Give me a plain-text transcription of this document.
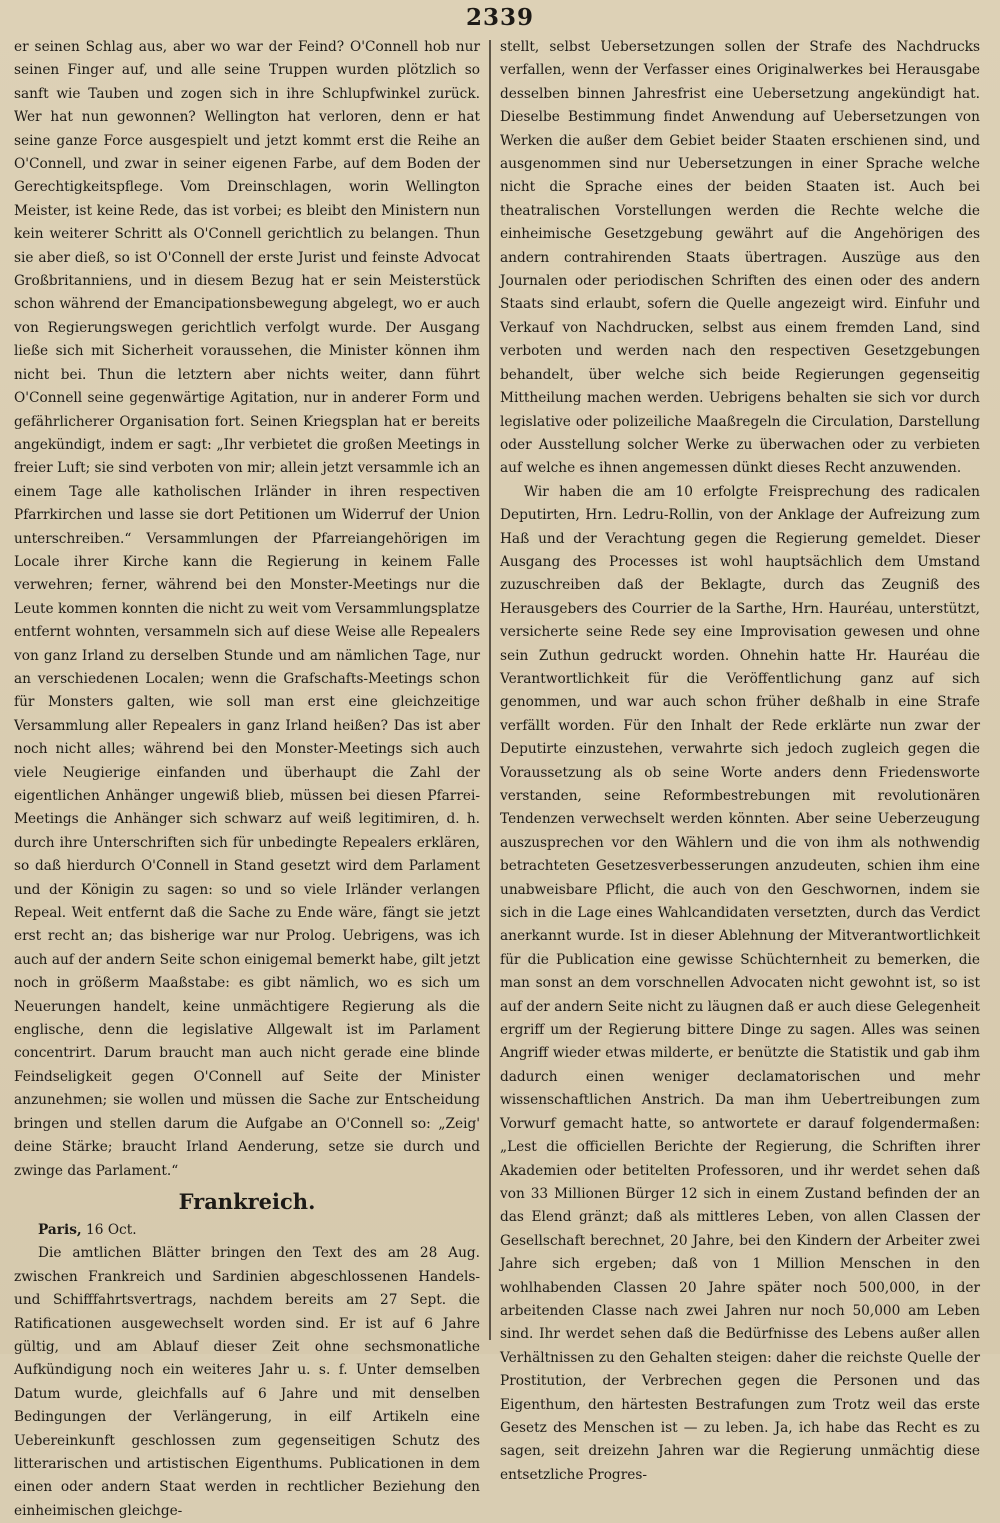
2339

er seinen Schlag aus, aber wo war der Feind? O'Connell hob nur seinen Finger auf, und alle seine Truppen wurden plötzlich so sanft wie Tauben und zogen sich in ihre Schlupfwinkel zurück. Wer hat nun gewonnen? Wellington hat verloren, denn er hat seine ganze Force ausgespielt und jetzt kommt erst die Reihe an O'Connell, und zwar in seiner eigenen Farbe, auf dem Boden der Gerechtigkeitspflege. Vom Dreinschlagen, worin Wellington Meister, ist keine Rede, das ist vorbei; es bleibt den Ministern nun kein weiterer Schritt als O'Connell gerichtlich zu belangen. Thun sie aber dieß, so ist O'Connell der erste Jurist und feinste Advocat Großbritanniens, und in diesem Bezug hat er sein Meisterstück schon während der Emancipationsbewegung abgelegt, wo er auch von Regierungswegen gerichtlich verfolgt wurde. Der Ausgang ließe sich mit Sicherheit voraussehen, die Minister können ihm nicht bei. Thun die letztern aber nichts weiter, dann führt O'Connell seine gegenwärtige Agitation, nur in anderer Form und gefährlicherer Organisation fort. Seinen Kriegsplan hat er bereits angekündigt, indem er sagt: „Ihr verbietet die großen Meetings in freier Luft; sie sind verboten von mir; allein jetzt versammle ich an einem Tage alle katholischen Irländer in ihren respectiven Pfarrkirchen und lasse sie dort Petitionen um Widerruf der Union unterschreiben.“ Versammlungen der Pfarreiangehörigen im Locale ihrer Kirche kann die Regierung in keinem Falle verwehren; ferner, während bei den Monster-Meetings nur die Leute kommen konnten die nicht zu weit vom Versammlungsplatze entfernt wohnten, versammeln sich auf diese Weise alle Repealers von ganz Irland zu derselben Stunde und am nämlichen Tage, nur an verschiedenen Localen; wenn die Grafschafts-Meetings schon für Monsters galten, wie soll man erst eine gleichzeitige Versammlung aller Repealers in ganz Irland heißen? Das ist aber noch nicht alles; während bei den Monster-Meetings sich auch viele Neugierige einfanden und überhaupt die Zahl der eigentlichen Anhänger ungewiß blieb, müssen bei diesen Pfarrei-Meetings die Anhänger sich schwarz auf weiß legitimiren, d. h. durch ihre Unterschriften sich für unbedingte Repealers erklären, so daß hierdurch O'Connell in Stand gesetzt wird dem Parlament und der Königin zu sagen: so und so viele Irländer verlangen Repeal. Weit entfernt daß die Sache zu Ende wäre, fängt sie jetzt erst recht an; das bisherige war nur Prolog. Uebrigens, was ich auch auf der andern Seite schon einigemal bemerkt habe, gilt jetzt noch in größerm Maaßstabe: es gibt nämlich, wo es sich um Neuerungen handelt, keine unmächtigere Regierung als die englische, denn die legislative Allgewalt ist im Parlament concentrirt. Darum braucht man auch nicht gerade eine blinde Feindseligkeit gegen O'Connell auf Seite der Minister anzunehmen; sie wollen und müssen die Sache zur Entscheidung bringen und stellen darum die Aufgabe an O'Connell so: „Zeig' deine Stärke; braucht Irland Aenderung, setze sie durch und zwinge das Parlament.“

Frankreich.

Paris, 16 Oct.

Die amtlichen Blätter bringen den Text des am 28 Aug. zwischen Frankreich und Sardinien abgeschlossenen Handels- und Schifffahrtsvertrags, nachdem bereits am 27 Sept. die Ratificationen ausgewechselt worden sind. Er ist auf 6 Jahre gültig, und am Ablauf dieser Zeit ohne sechsmonatliche Aufkündigung noch ein weiteres Jahr u. s. f. Unter demselben Datum wurde, gleichfalls auf 6 Jahre und mit denselben Bedingungen der Verlängerung, in eilf Artikeln eine Uebereinkunft geschlossen zum gegenseitigen Schutz des litterarischen und artistischen Eigenthums. Publicationen in dem einen oder andern Staat werden in rechtlicher Beziehung den einheimischen gleichge-

stellt, selbst Uebersetzungen sollen der Strafe des Nachdrucks verfallen, wenn der Verfasser eines Originalwerkes bei Herausgabe desselben binnen Jahresfrist eine Uebersetzung angekündigt hat. Dieselbe Bestimmung findet Anwendung auf Uebersetzungen von Werken die außer dem Gebiet beider Staaten erschienen sind, und ausgenommen sind nur Uebersetzungen in einer Sprache welche nicht die Sprache eines der beiden Staaten ist. Auch bei theatralischen Vorstellungen werden die Rechte welche die einheimische Gesetzgebung gewährt auf die Angehörigen des andern contrahirenden Staats übertragen. Auszüge aus den Journalen oder periodischen Schriften des einen oder des andern Staats sind erlaubt, sofern die Quelle angezeigt wird. Einfuhr und Verkauf von Nachdrucken, selbst aus einem fremden Land, sind verboten und werden nach den respectiven Gesetzgebungen behandelt, über welche sich beide Regierungen gegenseitig Mittheilung machen werden. Uebrigens behalten sie sich vor durch legislative oder polizeiliche Maaßregeln die Circulation, Darstellung oder Ausstellung solcher Werke zu überwachen oder zu verbieten auf welche es ihnen angemessen dünkt dieses Recht anzuwenden.

Wir haben die am 10 erfolgte Freisprechung des radicalen Deputirten, Hrn. Ledru-Rollin, von der Anklage der Aufreizung zum Haß und der Verachtung gegen die Regierung gemeldet. Dieser Ausgang des Processes ist wohl hauptsächlich dem Umstand zuzuschreiben daß der Beklagte, durch das Zeugniß des Herausgebers des Courrier de la Sarthe, Hrn. Hauréau, unterstützt, versicherte seine Rede sey eine Improvisation gewesen und ohne sein Zuthun gedruckt worden. Ohnehin hatte Hr. Hauréau die Verantwortlichkeit für die Veröffentlichung ganz auf sich genommen, und war auch schon früher deßhalb in eine Strafe verfällt worden. Für den Inhalt der Rede erklärte nun zwar der Deputirte einzustehen, verwahrte sich jedoch zugleich gegen die Voraussetzung als ob seine Worte anders denn Friedensworte verstanden, seine Reformbestrebungen mit revolutionären Tendenzen verwechselt werden könnten. Aber seine Ueberzeugung auszusprechen vor den Wählern und die von ihm als nothwendig betrachteten Gesetzesverbesserungen anzudeuten, schien ihm eine unabweisbare Pflicht, die auch von den Geschwornen, indem sie sich in die Lage eines Wahlcandidaten versetzten, durch das Verdict anerkannt wurde. Ist in dieser Ablehnung der Mitverantwortlichkeit für die Publication eine gewisse Schüchternheit zu bemerken, die man sonst an dem vorschnellen Advocaten nicht gewohnt ist, so ist auf der andern Seite nicht zu läugnen daß er auch diese Gelegenheit ergriff um der Regierung bittere Dinge zu sagen. Alles was seinen Angriff wieder etwas milderte, er benützte die Statistik und gab ihm dadurch einen weniger declamatorischen und mehr wissenschaftlichen Anstrich. Da man ihm Uebertreibungen zum Vorwurf gemacht hatte, so antwortete er darauf folgendermaßen: „Lest die officiellen Berichte der Regierung, die Schriften ihrer Akademien oder betitelten Professoren, und ihr werdet sehen daß von 33 Millionen Bürger 12 sich in einem Zustand befinden der an das Elend gränzt; daß als mittleres Leben, von allen Classen der Gesellschaft berechnet, 20 Jahre, bei den Kindern der Arbeiter zwei Jahre sich ergeben; daß von 1 Million Menschen in den wohlhabenden Classen 20 Jahre später noch 500,000, in der arbeitenden Classe nach zwei Jahren nur noch 50,000 am Leben sind. Ihr werdet sehen daß die Bedürfnisse des Lebens außer allen Verhältnissen zu den Gehalten steigen: daher die reichste Quelle der Prostitution, der Verbrechen gegen die Personen und das Eigenthum, den härtesten Bestrafungen zum Trotz weil das erste Gesetz des Menschen ist — zu leben. Ja, ich habe das Recht es zu sagen, seit dreizehn Jahren war die Regierung unmächtig diese entsetzliche Progres-
